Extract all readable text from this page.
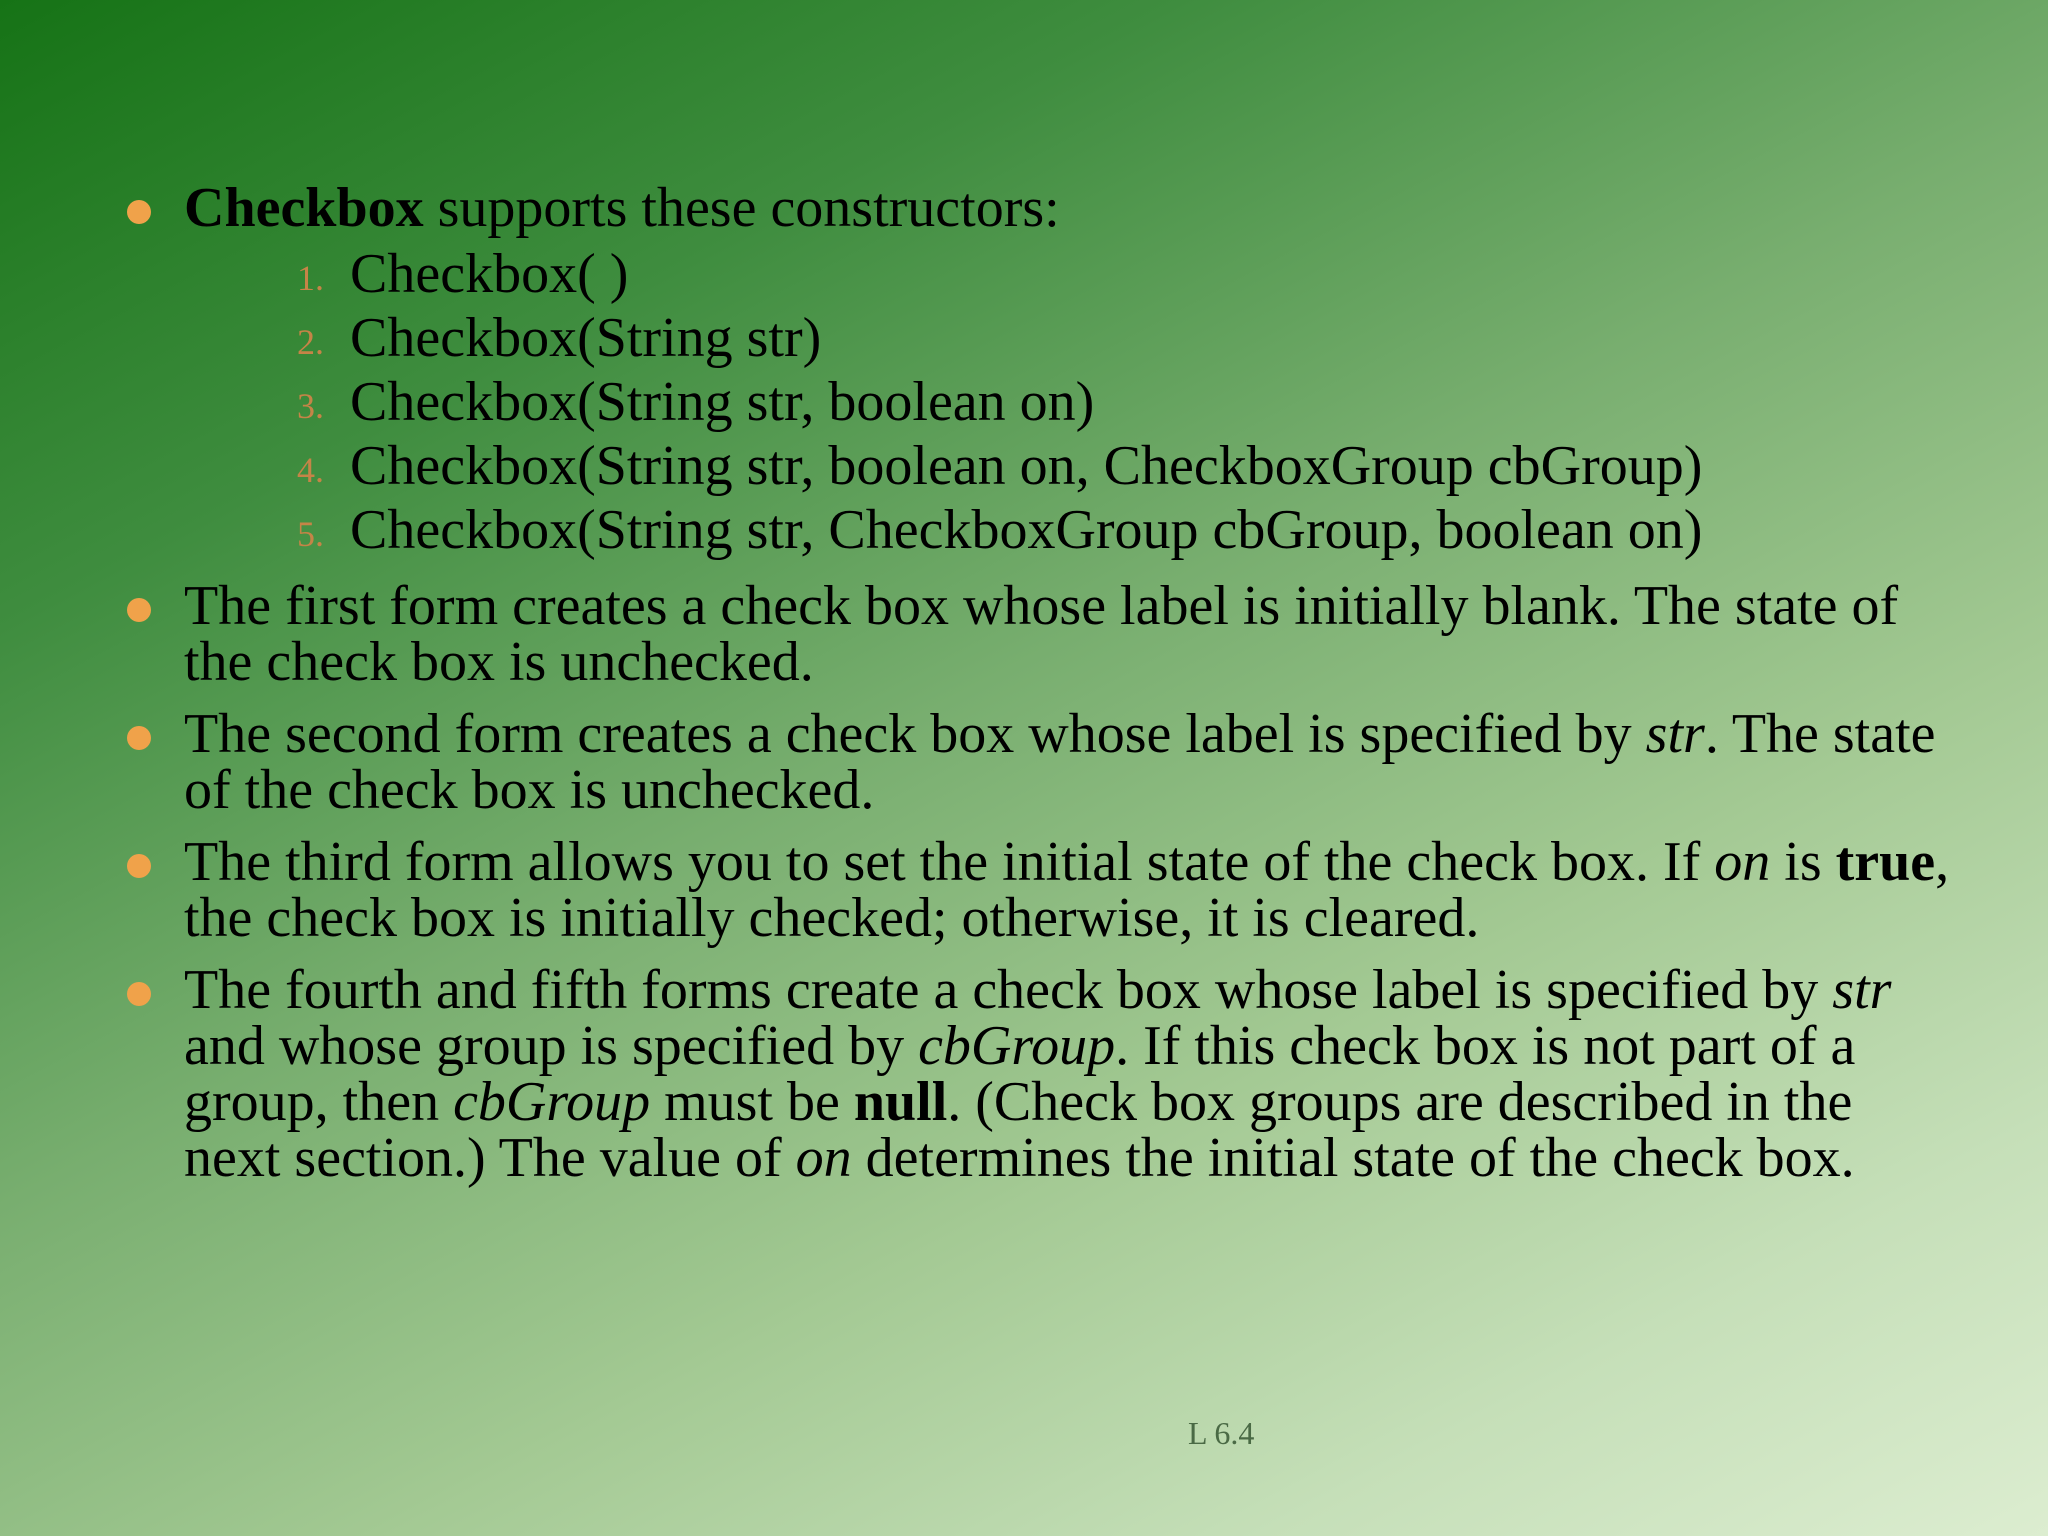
Checkbox supports these constructors:
1. Checkbox( )
2. Checkbox(String str)
3. Checkbox(String str, boolean on)
4. Checkbox(String str, boolean on, CheckboxGroup cbGroup)
5. Checkbox(String str, CheckboxGroup cbGroup, boolean on)
The first form creates a check box whose label is initially blank. The state of the check box is unchecked.
The second form creates a check box whose label is specified by str. The state of the check box is unchecked.
The third form allows you to set the initial state of the check box. If on is true, the check box is initially checked; otherwise, it is cleared.
The fourth and fifth forms create a check box whose label is specified by str and whose group is specified by cbGroup. If this check box is not part of a group, then cbGroup must be null. (Check box groups are described in the next section.) The value of on determines the initial state of the check box.
L 6.4
